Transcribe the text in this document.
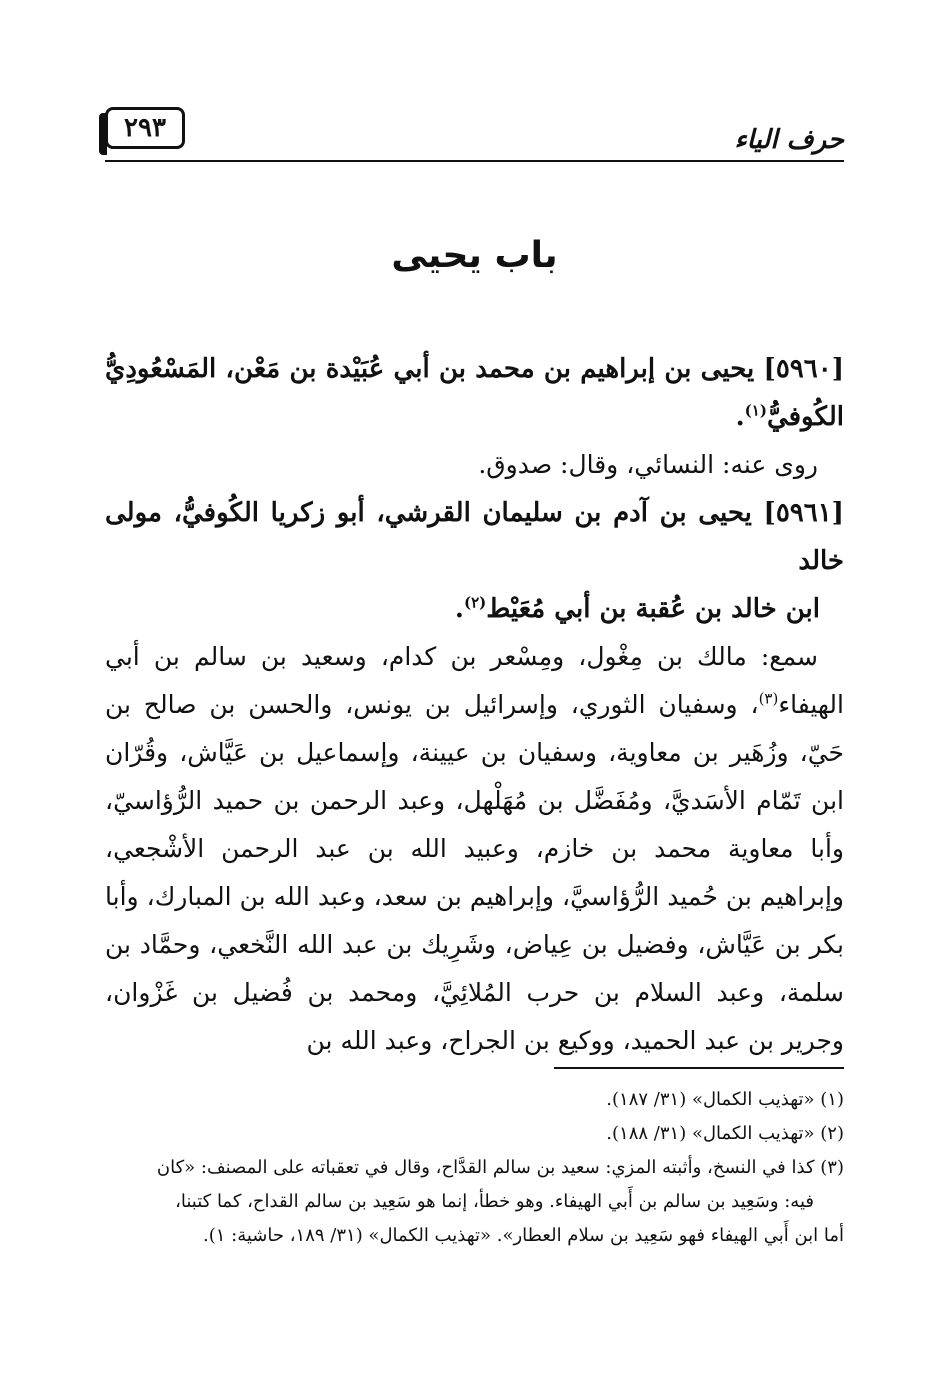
حرف الياء
٢٩٣
باب يحيى

[٥٩٦٠] يحيى بن إبراهيم بن محمد بن أبي عُبَيْدة بن مَعْن، المَسْعُودِيُّ الكُوفيُّ$^{(١)}$.

روى عنه: النسائي، وقال: صدوق.

[٥٩٦١] يحيى بن آدم بن سليمان القرشي، أبو زكريا الكُوفيُّ، مولى خالد

ابن خالد بن عُقبة بن أبي مُعَيْط$^{(٢)}$.

سمع: مالك بن مِغْول، ومِسْعر بن كدام، وسعيد بن سالم بن أبي الهيفاء$^{(٣)}$، وسفيان الثوري، وإسرائيل بن يونس، والحسن بن صالح بن حَيّ، وزُهَير بن معاوية، وسفيان بن عيينة، وإسماعيل بن عَيَّاش، وقُرّان ابن تَمّام الأسَديَّ، ومُفَضَّل بن مُهَلْهل، وعبد الرحمن بن حميد الرُّؤاسيّ، وأبا معاوية محمد بن خازم، وعبيد الله بن عبد الرحمن الأشْجعي، وإبراهيم بن حُميد الرُّؤاسيَّ، وإبراهيم بن سعد، وعبد الله بن المبارك، وأبا بكر بن عَيَّاش، وفضيل بن عِياض، وشَرِيك بن عبد الله النَّخعي، وحمَّاد بن سلمة، وعبد السلام بن حرب المُلائِيَّ، ومحمد بن فُضيل بن غَزْوان، وجرير بن عبد الحميد، ووكيع بن الجراح، وعبد الله بن

(١) «تهذيب الكمال» (٣١/ ١٨٧).

(٢) «تهذيب الكمال» (٣١/ ١٨٨).

(٣) كذا في النسخ، وأثبته المزي: سعيد بن سالم القدَّاح، وقال في تعقباته على المصنف: «كان
فيه: وسَعِيد بن سالم بن أَبي الهيفاء. وهو خطأ، إنما هو سَعِيد بن سالم القداح، كما كتبنا،
أما ابن أَبي الهيفاء فهو سَعِيد بن سلام العطار». «تهذيب الكمال» (٣١/ ١٨٩، حاشية: ١).
